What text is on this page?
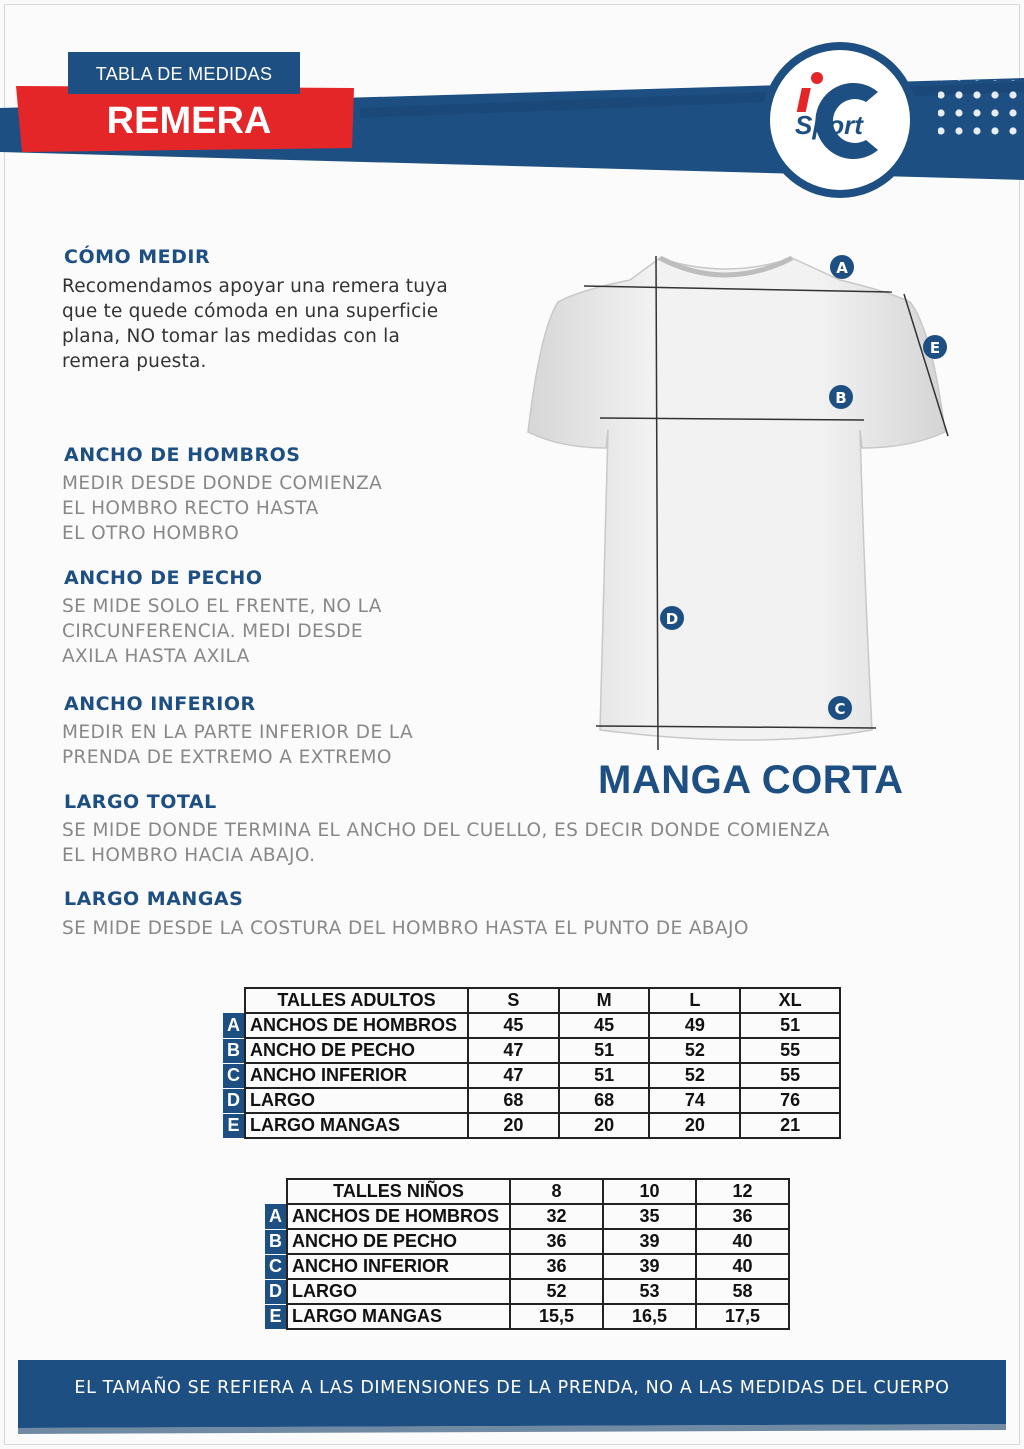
TABLA DE MEDIDAS
REMERA	Sport
CÓMO MEDIR
Recomendamos apoyar una remera tuya
que te quede cómoda en una superficie
plana, NO tomar las medidas con la
remera puesta.
ANCHO DE HOMBROS
MEDIR DESDE DONDE COMIENZA
EL HOMBRO RECTO HASTA
EL OTRO HOMBRO
ANCHO DE PECHO
SE MIDE SOLO EL FRENTE, NO LA
CIRCUNFERENCIA. MEDI DESDE
AXILA HASTA AXILA
ANCHO INFERIOR
MEDIR EN LA PARTE INFERIOR DE LA
PRENDA DE EXTREMO A EXTREMO
LARGO TOTAL
SE MIDE DONDE TERMINA EL ANCHO DEL CUELLO, ES DECIR DONDE COMIENZA
EL HOMBRO HACIA ABAJO.
LARGO MANGAS
SE MIDE DESDE LA COSTURA DEL HOMBRO HASTA EL PUNTO DE ABAJO
A
B
C
D
E
MANGA CORTA
	TALLES ADULTOS	S	M	L	XL
A	ANCHOS DE HOMBROS	45	45	49	51
B	ANCHO DE PECHO	47	51	52	55
C	ANCHO INFERIOR	47	51	52	55
D	LARGO	68	68	74	76
E	LARGO MANGAS	20	20	20	21
	TALLES NIÑOS	8	10	12
A	ANCHOS DE HOMBROS	32	35	36
B	ANCHO DE PECHO	36	39	40
C	ANCHO INFERIOR	36	39	40
D	LARGO	52	53	58
E	LARGO MANGAS	15,5	16,5	17,5
EL TAMAÑO SE REFIERA A LAS DIMENSIONES DE LA PRENDA, NO A LAS MEDIDAS DEL CUERPO
